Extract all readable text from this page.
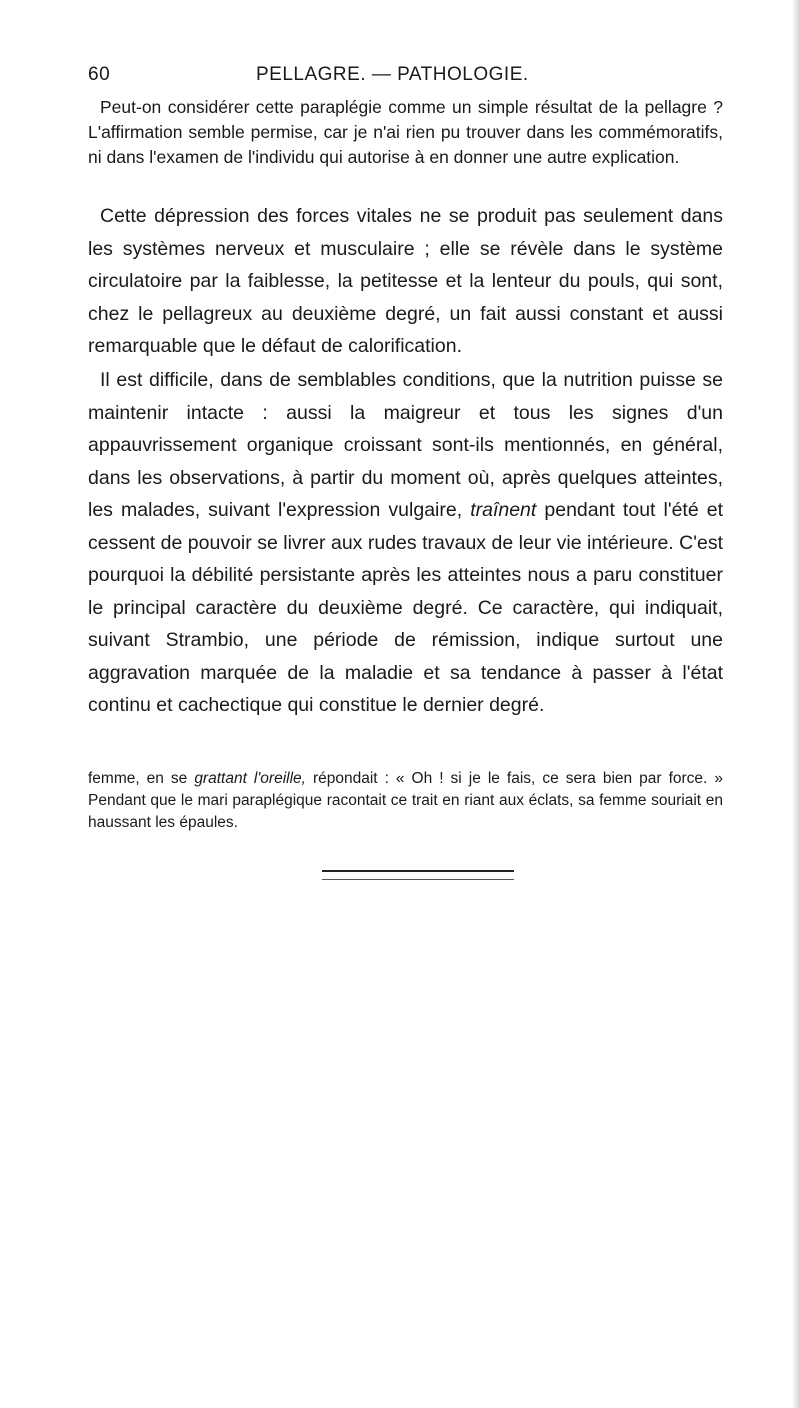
60	PELLAGRE. — PATHOLOGIE.

Peut-on considérer cette paraplégie comme un simple résultat de la pellagre ? L'affirmation semble permise, car je n'ai rien pu trouver dans les commémoratifs, ni dans l'examen de l'individu qui autorise à en donner une autre explication.

Cette dépression des forces vitales ne se produit pas seulement dans les systèmes nerveux et musculaire ; elle se révèle dans le système circulatoire par la faiblesse, la petitesse et la lenteur du pouls, qui sont, chez le pellagreux au deuxième degré, un fait aussi constant et aussi remarquable que le défaut de calorification.

Il est difficile, dans de semblables conditions, que la nutrition puisse se maintenir intacte : aussi la maigreur et tous les signes d'un appauvrissement organique croissant sont-ils mentionnés, en général, dans les observations, à partir du moment où, après quelques atteintes, les malades, suivant l'expression vulgaire, traînent pendant tout l'été et cessent de pouvoir se livrer aux rudes travaux de leur vie intérieure. C'est pourquoi la débilité persistante après les atteintes nous a paru constituer le principal caractère du deuxième degré. Ce caractère, qui indiquait, suivant Strambio, une période de rémission, indique surtout une aggravation marquée de la maladie et sa tendance à passer à l'état continu et cachectique qui constitue le dernier degré.

femme, en se grattant l'oreille, répondait : « Oh ! si je le fais, ce sera bien par force. » Pendant que le mari paraplégique racontait ce trait en riant aux éclats, sa femme souriait en haussant les épaules.
